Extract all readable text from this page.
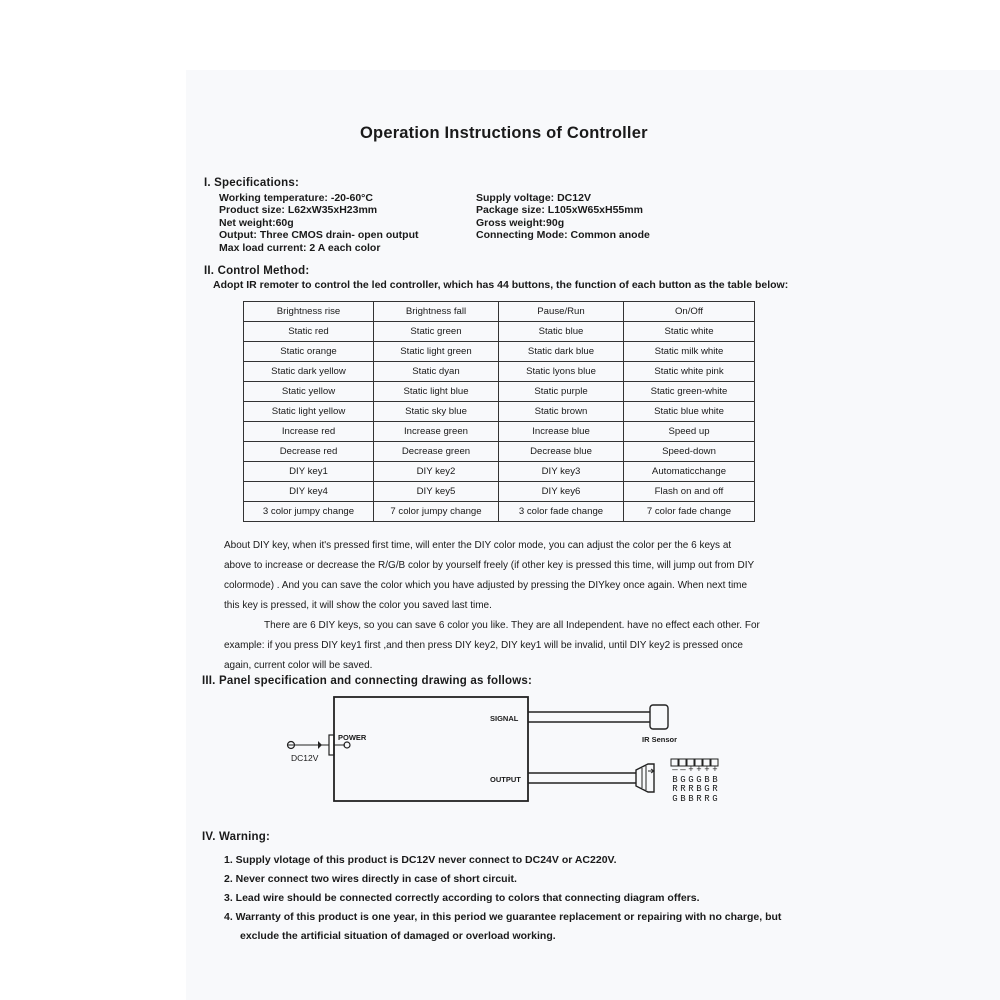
Operation Instructions of Controller
I. Specifications:
Working temperature: -20-60°C
Product size: L62xW35xH23mm
Net weight:60g
Output: Three CMOS drain- open output
Max load current: 2 A each color
Supply voltage: DC12V
Package size: L105xW65xH55mm
Gross weight:90g
Connecting Mode: Common anode
II. Control Method:
Adopt IR remoter to control the led controller, which has 44 buttons, the function of each button as the table below:
Brightness rise	Brightness fall	Pause/Run	On/Off
Static red	Static green	Static blue	Static white
Static orange	Static light green	Static dark blue	Static milk white
Static dark yellow	Static dyan	Static lyons blue	Static white pink
Static yellow	Static light blue	Static purple	Static green-white
Static light yellow	Static sky blue	Static brown	Static blue white
Increase red	Increase green	Increase blue	Speed up
Decrease red	Decrease green	Decrease blue	Speed-down
DIY key1	DIY key2	DIY key3	Automaticchange
DIY key4	DIY key5	DIY key6	Flash on and off
3 color jumpy change	7 color jumpy change	3 color fade change	7 color fade change
About DIY key, when it's pressed first time, will enter the DIY color mode, you can adjust the color per the 6 keys at
above to increase or decrease the R/G/B color by yourself freely (if other key is pressed this time, will jump out from DIY
colormode) . And you can save the color which you have adjusted by pressing the DIYkey once again. When next time
this key is pressed, it will show the color you saved last time.
There are 6 DIY keys, so you can save 6 color you like. They are all Independent. have no effect each other. For
example: if you press DIY key1 first ,and then press DIY key2, DIY key1 will be invalid, until DIY key2 is pressed once
again, current color will be saved.
III. Panel specification and connecting drawing as follows:
POWER
DC12V
SIGNAL
OUTPUT
IR Sensor
— — + + + +
B G G G B B
R R R B G R
G B B R R G
IV. Warning:
1. Supply vlotage of this product is DC12V never connect to DC24V or AC220V.
2. Never connect two wires directly in case of short circuit.
3. Lead wire should be connected correctly according to colors that connecting diagram offers.
4. Warranty of this product is one year, in this period we guarantee replacement or repairing with no charge, but
exclude the artificial situation of damaged or overload working.
